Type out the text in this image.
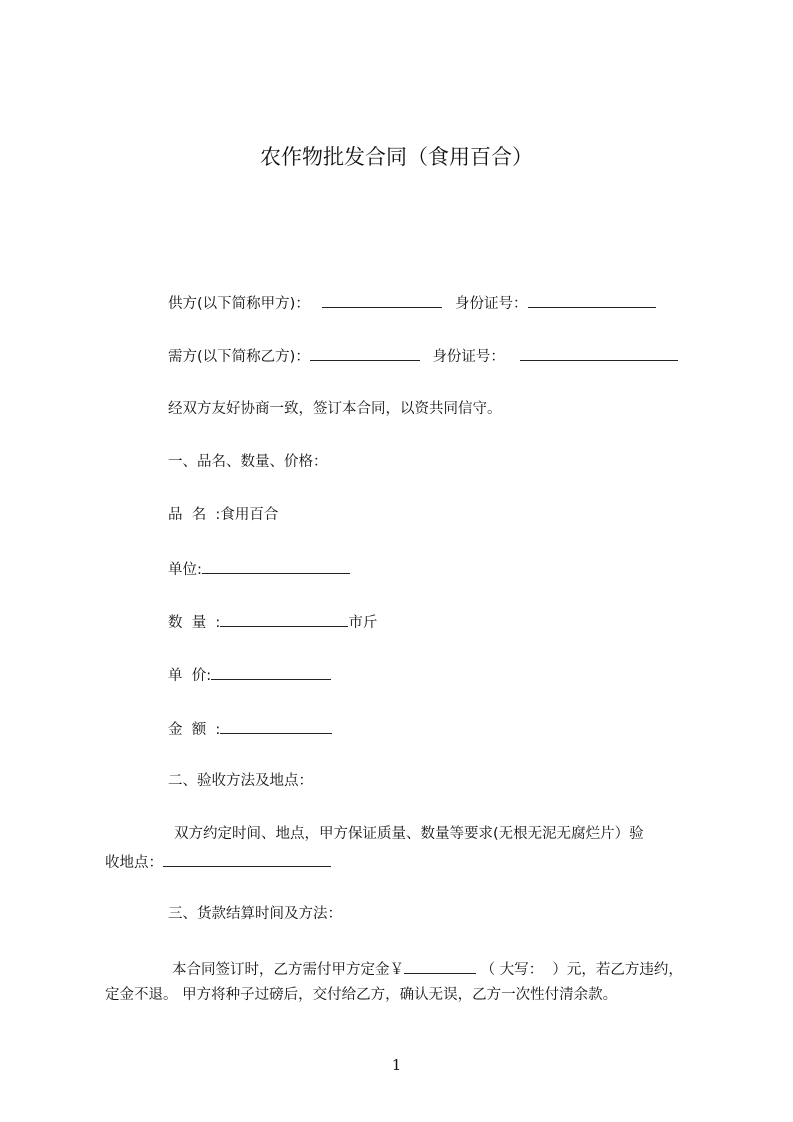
农作物批发合同（食用百合）
供方(以下简称甲方)：	身份证号：
需方(以下简称乙方)：	身份证号：
经双方友好协商一致，签订本合同，以资共同信守。
一、品名、数量、价格：
品  名  :食用百合
单位:
数  量  :	市斤
单  价:
金  额  :
二、验收方法及地点：
双方约定时间、地点，甲方保证质量、数量等要求(无根无泥无腐烂片）验
收地点：
三、货款结算时间及方法：
本合同签订时，乙方需付甲方定金￥	（ 大写：  ）元，若乙方违约，
定金不退。 甲方将种子过磅后，交付给乙方，确认无误，乙方一次性付清余款。
1
